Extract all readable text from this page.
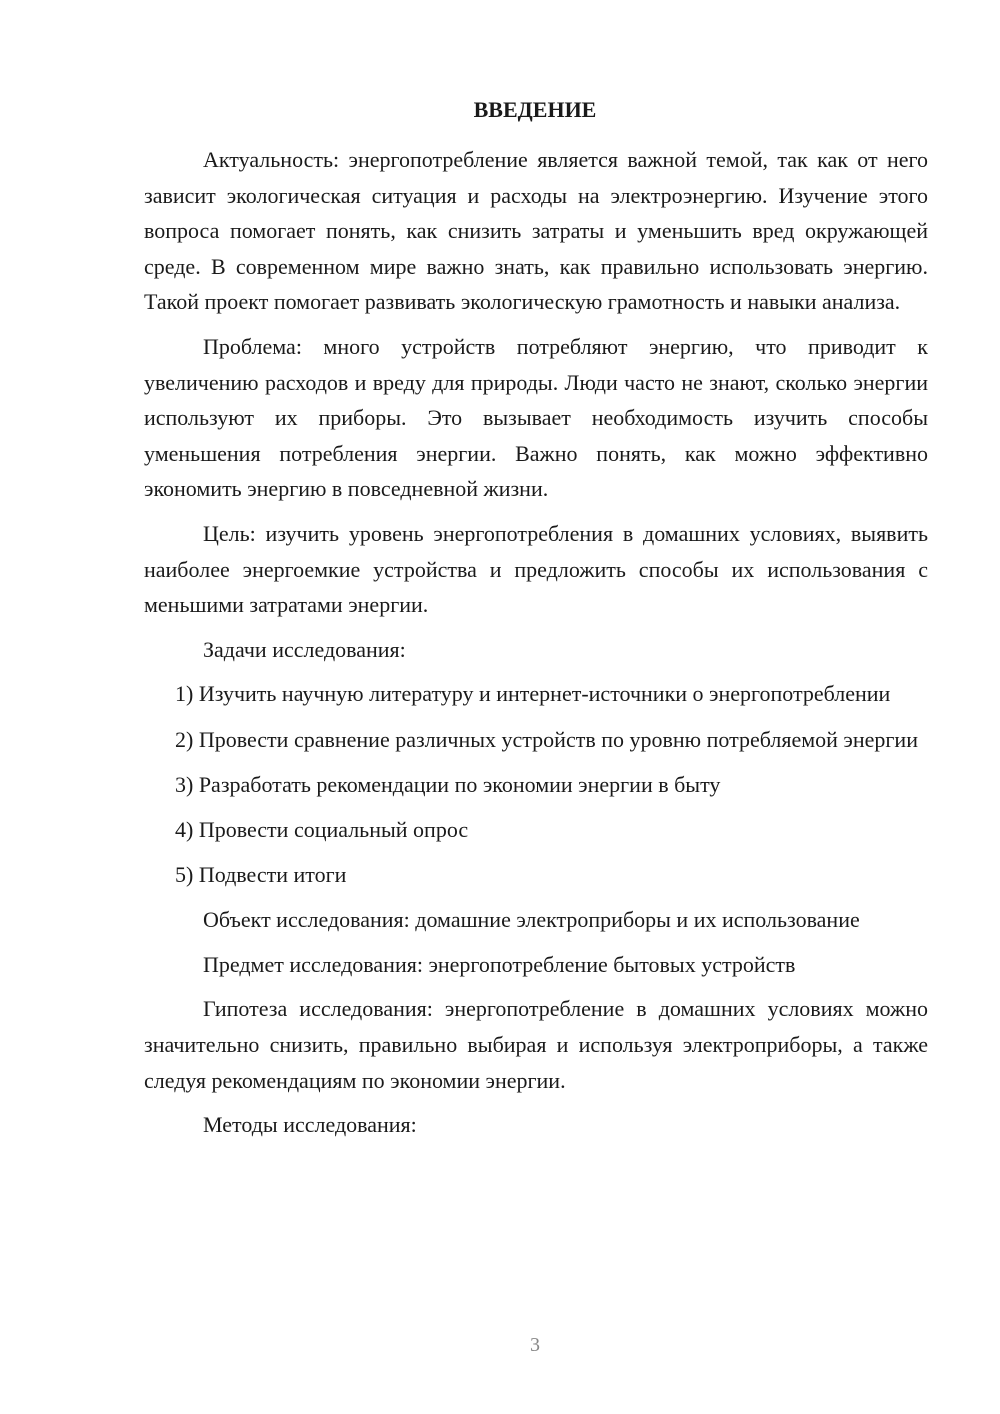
ВВЕДЕНИЕ

Актуальность: энергопотребление является важной темой, так как от него зависит экологическая ситуация и расходы на электроэнергию. Изучение этого вопроса помогает понять, как снизить затраты и уменьшить вред окружающей среде. В современном мире важно знать, как правильно использовать энергию. Такой проект помогает развивать экологическую грамотность и навыки анализа.

Проблема: много устройств потребляют энергию, что приводит к увеличению расходов и вреду для природы. Люди часто не знают, сколько энергии используют их приборы. Это вызывает необходимость изучить способы уменьшения потребления энергии. Важно понять, как можно эффективно экономить энергию в повседневной жизни.

Цель: изучить уровень энергопотребления в домашних условиях, выявить наиболее энергоемкие устройства и предложить способы их использования с меньшими затратами энергии.

Задачи исследования:

1) Изучить научную литературу и интернет-источники о энергопотреблении

2) Провести сравнение различных устройств по уровню потребляемой энергии

3) Разработать рекомендации по экономии энергии в быту

4) Провести социальный опрос

5) Подвести итоги

Объект исследования: домашние электроприборы и их использование

Предмет исследования: энергопотребление бытовых устройств

Гипотеза исследования: энергопотребление в домашних условиях можно значительно снизить, правильно выбирая и используя электроприборы, а также следуя рекомендациям по экономии энергии.

Методы исследования:

3
